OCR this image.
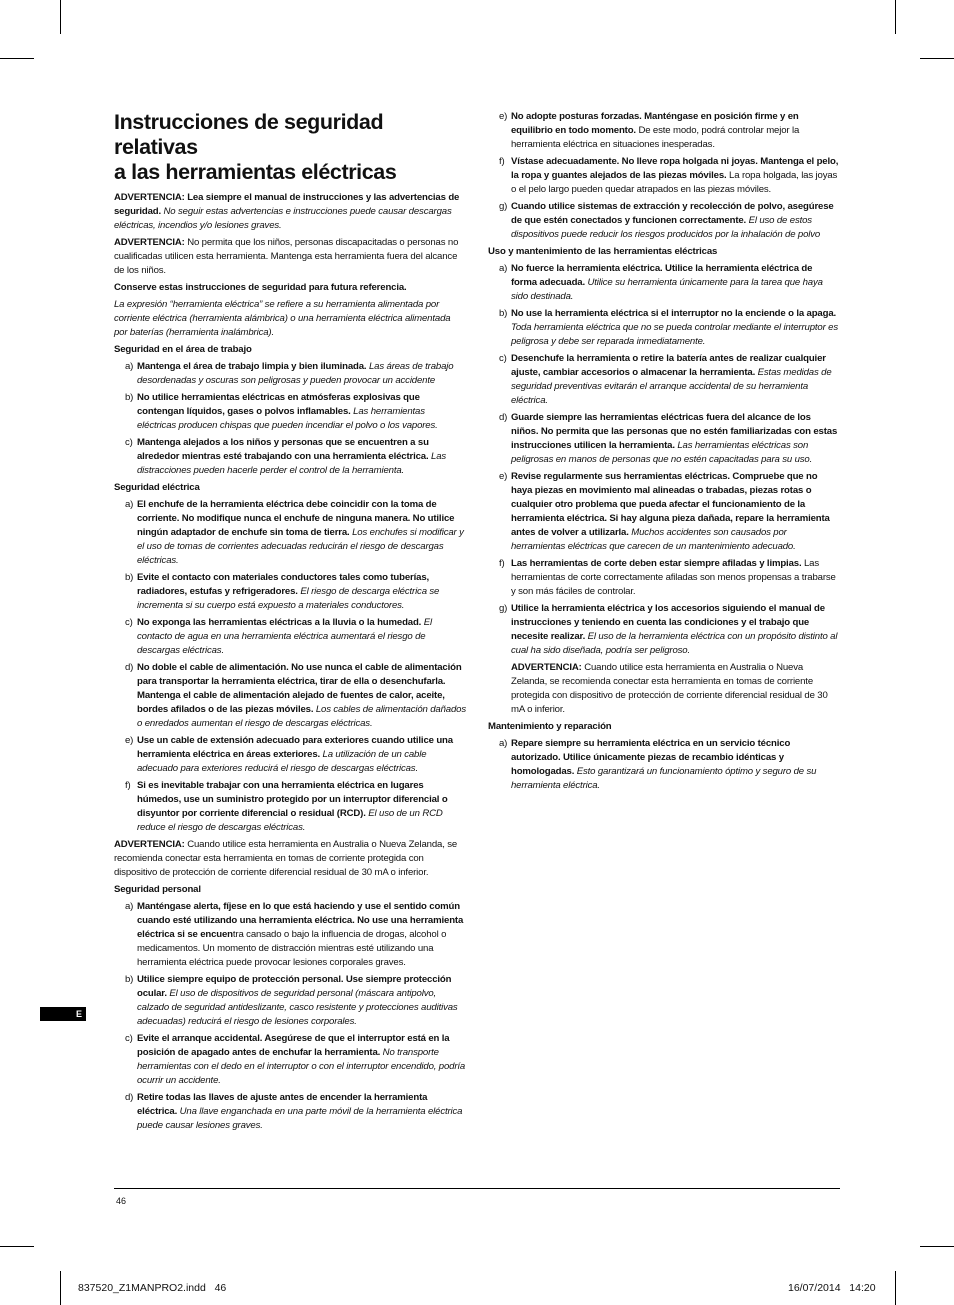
Instrucciones de seguridad relativas
a las herramientas eléctricas
ADVERTENCIA: Lea siempre el manual de instrucciones y las advertencias de seguridad. No seguir estas advertencias e instrucciones puede causar descargas eléctricas, incendios y/o lesiones graves.
ADVERTENCIA: No permita que los niños, personas discapacitadas o personas no cualificadas utilicen esta herramienta. Mantenga esta herramienta fuera del alcance de los niños.
Conserve estas instrucciones de seguridad para futura referencia.
La expresión “herramienta eléctrica” se refiere a su herramienta alimentada por corriente eléctrica (herramienta alámbrica) o una herramienta eléctrica alimentada por baterías (herramienta inalámbrica).
Seguridad en el área de trabajo
a) Mantenga el área de trabajo limpia y bien iluminada. Las áreas de trabajo desordenadas y oscuras son peligrosas y pueden provocar un accidente
b) No utilice herramientas eléctricas en atmósferas explosivas que contengan líquidos, gases o polvos inflamables. Las herramientas eléctricas producen chispas que pueden incendiar el polvo o los vapores.
c) Mantenga alejados a los niños y personas que se encuentren a su alrededor mientras esté trabajando con una herramienta eléctrica. Las distracciones pueden hacerle perder el control de la herramienta.
Seguridad eléctrica
a) El enchufe de la herramienta eléctrica debe coincidir con la toma de corriente. No modifique nunca el enchufe de ninguna manera. No utilice ningún adaptador de enchufe sin toma de tierra. Los enchufes si modificar y el uso de tomas de corrientes adecuadas reducirán el riesgo de descargas eléctricas.
b) Evite el contacto con materiales conductores tales como tuberías, radiadores, estufas y refrigeradores. El riesgo de descarga eléctrica se incrementa si su cuerpo está expuesto a materiales conductores.
c) No exponga las herramientas eléctricas a la lluvia o la humedad. El contacto de agua en una herramienta eléctrica aumentará el riesgo de descargas eléctricas.
d) No doble el cable de alimentación. No use nunca el cable de alimentación para transportar la herramienta eléctrica, tirar de ella o desenchufarla. Mantenga el cable de alimentación alejado de fuentes de calor, aceite, bordes afilados o de las piezas móviles. Los cables de alimentación dañados o enredados aumentan el riesgo de descargas eléctricas.
e) Use un cable de extensión adecuado para exteriores cuando utilice una herramienta eléctrica en áreas exteriores. La utilización de un cable adecuado para exteriores reducirá el riesgo de descargas eléctricas.
f) Si es inevitable trabajar con una herramienta eléctrica en lugares húmedos, use un suministro protegido por un interruptor diferencial o disyuntor por corriente diferencial o residual (RCD). El uso de un RCD reduce el riesgo de descargas eléctricas.
ADVERTENCIA: Cuando utilice esta herramienta en Australia o Nueva Zelanda, se recomienda conectar esta herramienta en tomas de corriente protegida con dispositivo de protección de corriente diferencial residual de 30 mA o inferior.
Seguridad personal
a) Manténgase alerta, fíjese en lo que está haciendo y use el sentido común cuando esté utilizando una herramienta eléctrica. No use una herramienta eléctrica si se encuentra cansado o bajo la influencia de drogas, alcohol o medicamentos. Un momento de distracción mientras esté utilizando una herramienta eléctrica puede provocar lesiones corporales graves.
b) Utilice siempre equipo de protección personal. Use siempre protección ocular. El uso de dispositivos de seguridad personal (máscara antipolvo, calzado de seguridad antideslizante, casco resistente y protecciones auditivas adecuadas) reducirá el riesgo de lesiones corporales.
c) Evite el arranque accidental. Asegúrese de que el interruptor está en la posición de apagado antes de enchufar la herramienta. No transporte herramientas con el dedo en el interruptor o con el interruptor encendido, podría ocurrir un accidente.
d) Retire todas las llaves de ajuste antes de encender la herramienta eléctrica. Una llave enganchada en una parte móvil de la herramienta eléctrica puede causar lesiones graves.
e) No adopte posturas forzadas. Manténgase en posición firme y en equilibrio en todo momento. De este modo, podrá controlar mejor la herramienta eléctrica en situaciones inesperadas.
f) Vístase adecuadamente. No lleve ropa holgada ni joyas. Mantenga el pelo, la ropa y guantes alejados de las piezas móviles. La ropa holgada, las joyas o el pelo largo pueden quedar atrapados en las piezas móviles.
g) Cuando utilice sistemas de extracción y recolección de polvo, asegúrese de que estén conectados y funcionen correctamente. El uso de estos dispositivos puede reducir los riesgos producidos por la inhalación de polvo
Uso y mantenimiento de las herramientas eléctricas
a) No fuerce la herramienta eléctrica. Utilice la herramienta eléctrica de forma adecuada. Utilice su herramienta únicamente para la tarea que haya sido destinada.
b) No use la herramienta eléctrica si el interruptor no la enciende o la apaga. Toda herramienta eléctrica que no se pueda controlar mediante el interruptor es peligrosa y debe ser reparada inmediatamente.
c) Desenchufe la herramienta o retire la batería antes de realizar cualquier ajuste, cambiar accesorios o almacenar la herramienta. Estas medidas de seguridad preventivas evitarán el arranque accidental de su herramienta eléctrica.
d) Guarde siempre las herramientas eléctricas fuera del alcance de los niños. No permita que las personas que no estén familiarizadas con estas instrucciones utilicen la herramienta. Las herramientas eléctricas son peligrosas en manos de personas que no estén capacitadas para su uso.
e) Revise regularmente sus herramientas eléctricas. Compruebe que no haya piezas en movimiento mal alineadas o trabadas, piezas rotas o cualquier otro problema que pueda afectar el funcionamiento de la herramienta eléctrica. Si hay alguna pieza dañada, repare la herramienta antes de volver a utilizarla. Muchos accidentes son causados por herramientas eléctricas que carecen de un mantenimiento adecuado.
f) Las herramientas de corte deben estar siempre afiladas y limpias. Las herramientas de corte correctamente afiladas son menos propensas a trabarse y son más fáciles de controlar.
g) Utilice la herramienta eléctrica y los accesorios siguiendo el manual de instrucciones y teniendo en cuenta las condiciones y el trabajo que necesite realizar. El uso de la herramienta eléctrica con un propósito distinto al cual ha sido diseñada, podría ser peligroso.
ADVERTENCIA: Cuando utilice esta herramienta en Australia o Nueva Zelanda, se recomienda conectar esta herramienta en tomas de corriente protegida con dispositivo de protección de corriente diferencial residual de 30 mA o inferior.
Mantenimiento y reparación
a) Repare siempre su herramienta eléctrica en un servicio técnico autorizado. Utilice únicamente piezas de recambio idénticas y homologadas. Esto garantizará un funcionamiento óptimo y seguro de su herramienta eléctrica.
E
46
837520_Z1MANPRO2.indd   46	16/07/2014   14:20
